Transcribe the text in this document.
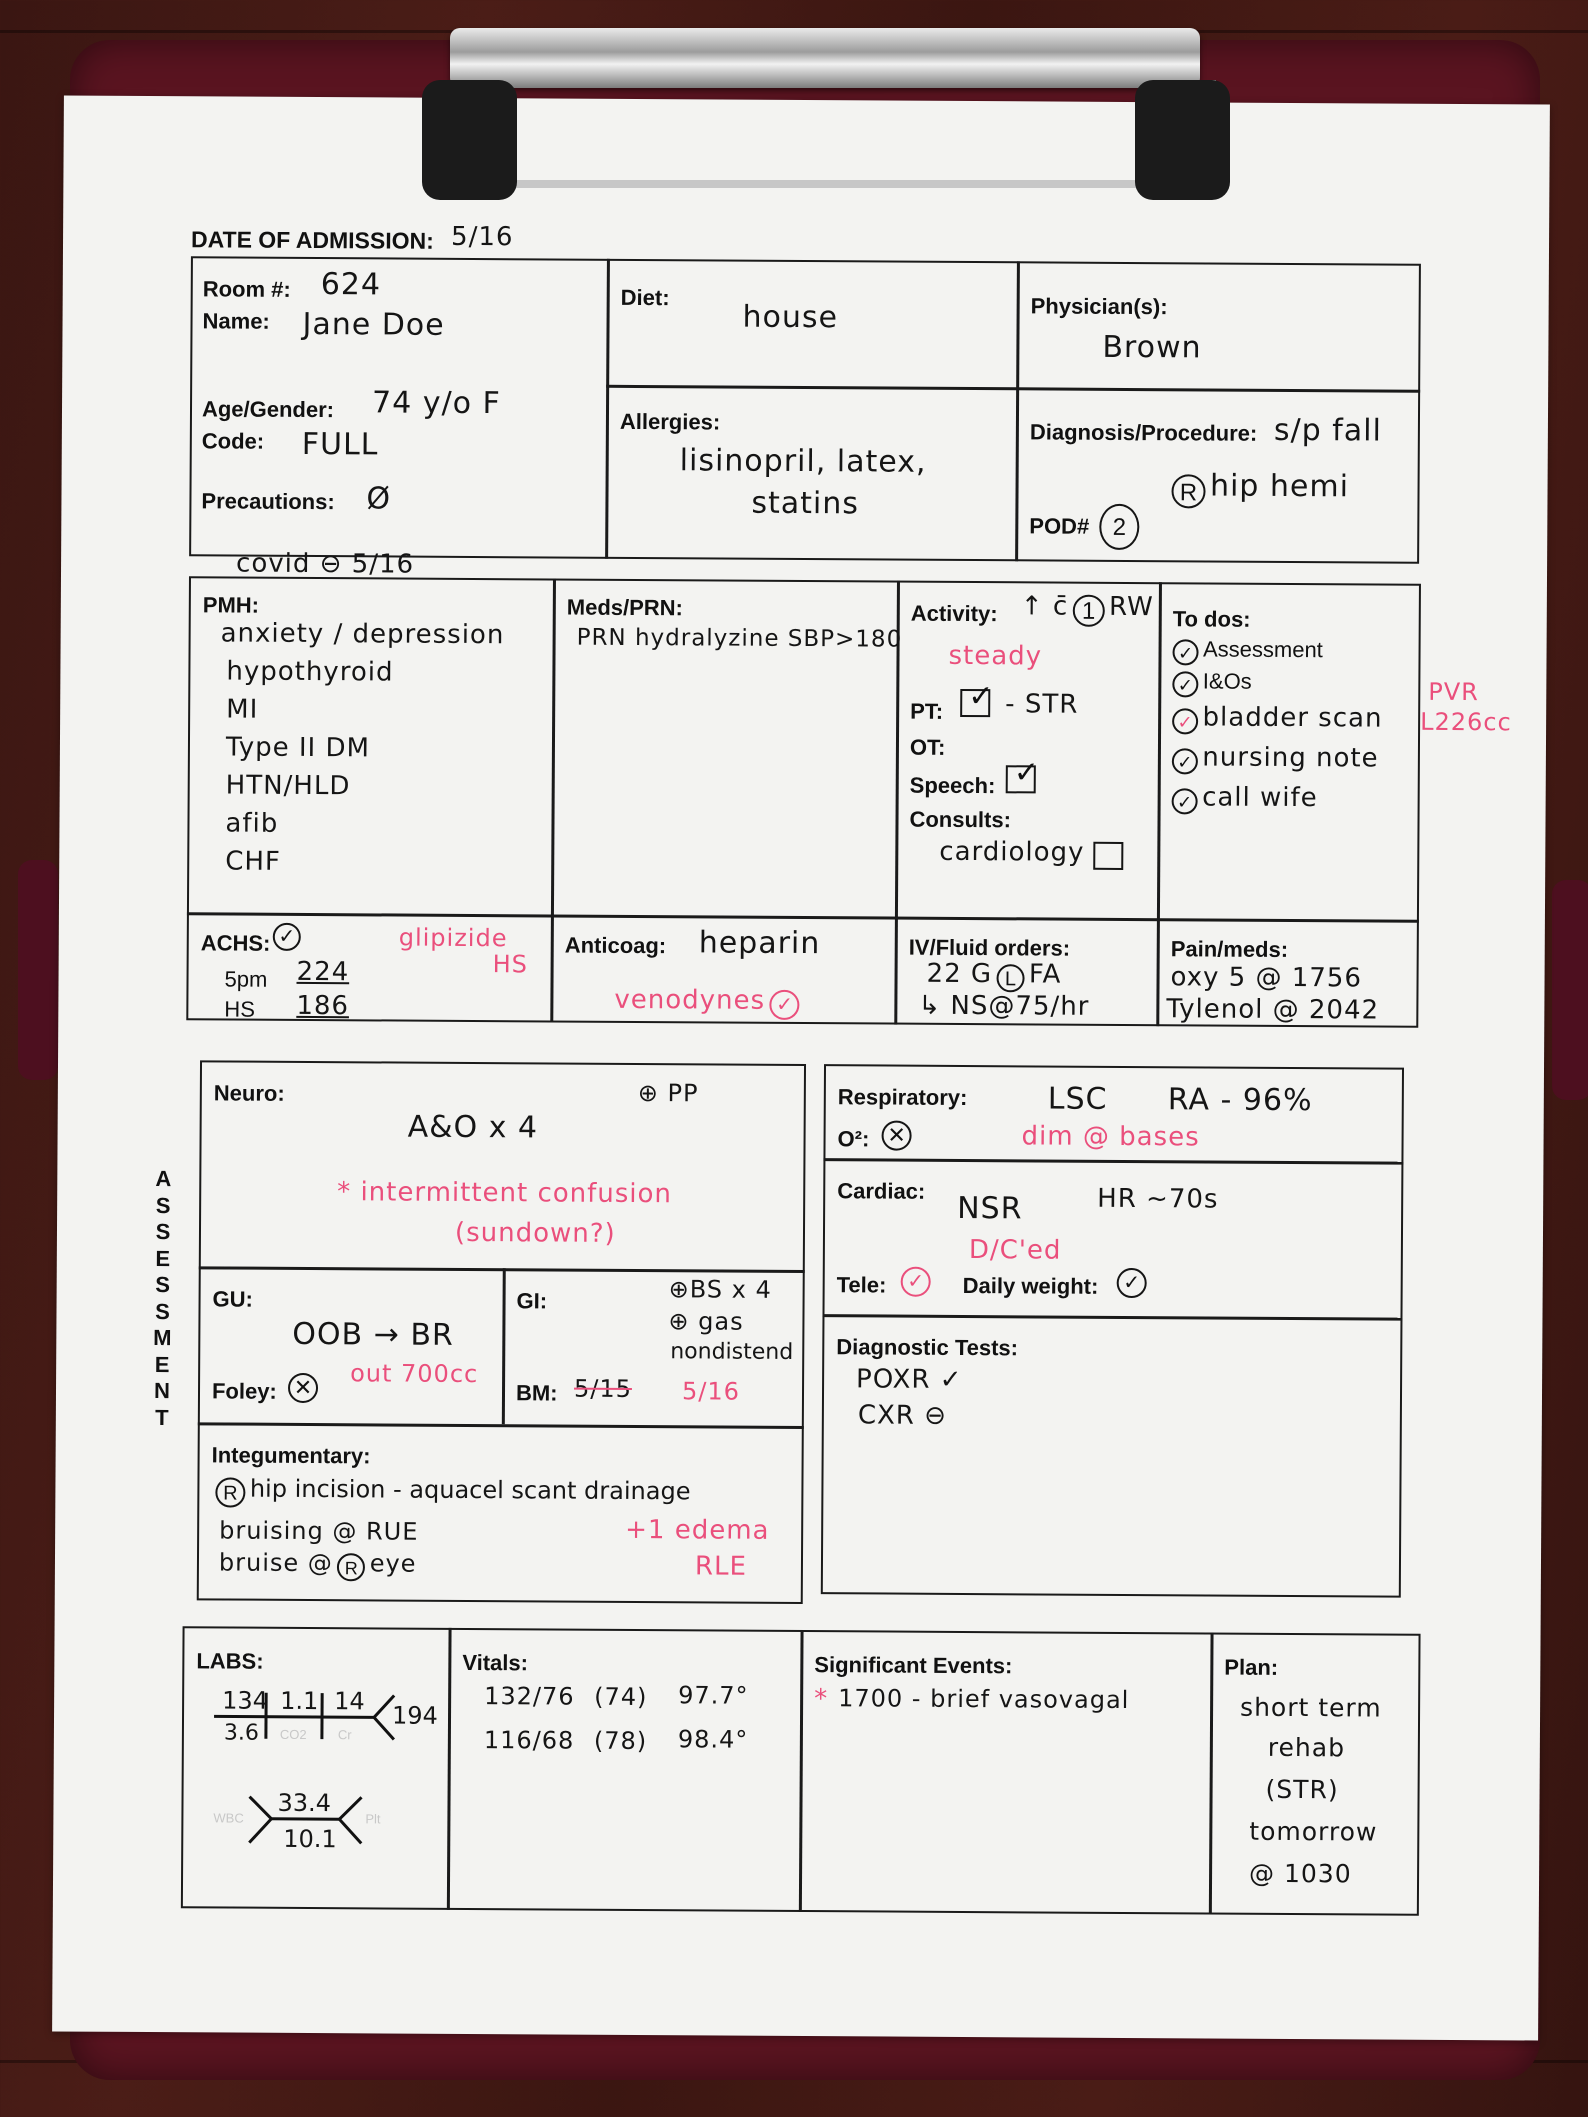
DATE OF ADMISSION: 5/16
Room #: 624
Name: Jane Doe
Age/Gender: 74 y/o F
Code: FULL
Precautions: Ø
covid ⊖ 5/16
Diet:
house	Physician(s):
Brown
Allergies:
lisinopril, latex,
statins
Diagnosis/Procedure: s/p fall
R hip hemi
POD# 2
PMH:
anxiety / depression
hypothyroid
MI
Type II DM
HTN/HLD
afib
CHF
Meds/PRN:
PRN hydralyzine SBP>180
Activity: ↑ c̄ 1 RW
steady
PT: ✓ - STR
OT:
Speech: ✓
Consults:
cardiology
To dos:
✓ Assessment
✓ I&Os
✓ bladder scan
✓ nursing note
✓ call wife
PVR
L226cc
ACHS: ✓
5pm 224
HS 186
glipizide
HS
Anticoag: heparin
venodynes ✓
IV/Fluid orders:
22 G L FA
↳ NS@75/hr
Pain/meds:
oxy 5 @ 1756
Tylenol @ 2042
A
S
S
E
S
S
M
E
N
T
Neuro:
A&O x 4
⊕ PP
* intermittent confusion
(sundown?)
GU:
OOB → BR
Foley: ✕ out 700cc
GI:	⊕BS x 4
⊕ gas
nondistend
BM: 5/15 5/16
Integumentary:
R hip incision - aquacel scant drainage
bruising @ RUE
bruise @ R eye
+1 edema
RLE
Respiratory:	LSC RA - 96%
O²: ✕	dim @ bases
Cardiac: NSR	HR ~70s
Tele:	✓
D/C'ed
Daily weight:	✓
Diagnostic Tests:
POXR ✓
CXR ⊖
LABS:
134 1.1 14
194
3.6 CO2 Cr
33.4
10.1
WBC	Plt
Vitals:
132/76 (74) 97.7°
116/68 (78) 98.4°
Significant Events:
* 1700 - brief vasovagal
Plan:
short term
rehab
(STR)
tomorrow
@ 1030
